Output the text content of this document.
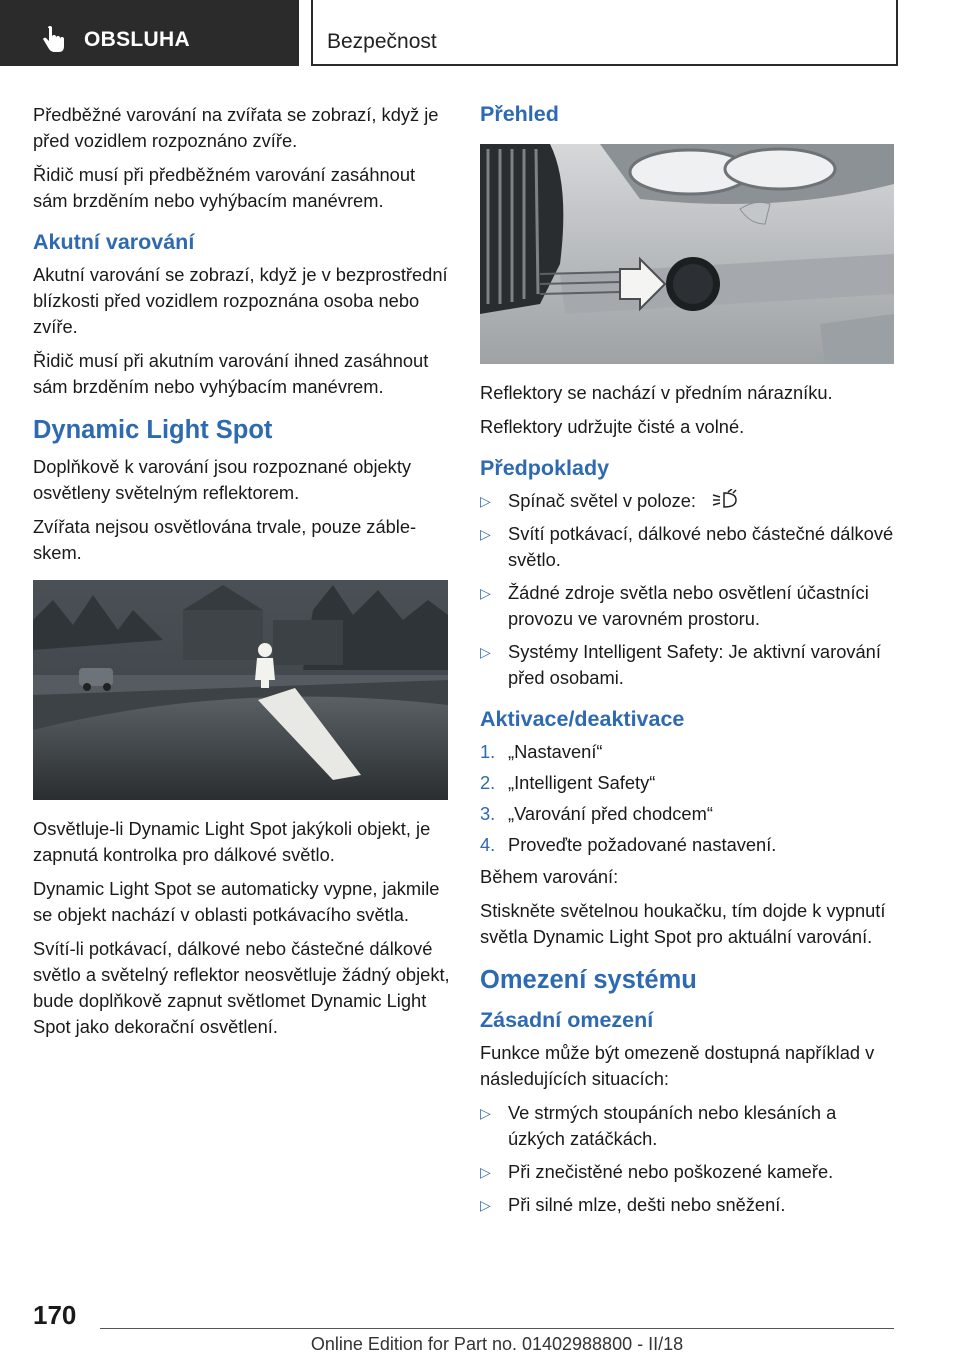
OBSLUHA	Bezpečnost

Předběžné varování na zvířata se zobrazí, když je před vozidlem rozpoznáno zvíře.

Řidič musí při předběžném varování zasáhnout sám brzděním nebo vyhýbacím manévrem.

Akutní varování

Akutní varování se zobrazí, když je v bezprostřední blízkosti před vozidlem rozpoznána osoba nebo zvíře.

Řidič musí při akutním varování ihned zasáhnout sám brzděním nebo vyhýbacím manévrem.

Dynamic Light Spot

Doplňkově k varování jsou rozpoznané objekty osvětleny světelným reflektorem.

Zvířata nejsou osvětlována trvale, pouze zábleskem.

Osvětluje-li Dynamic Light Spot jakýkoli objekt, je zapnutá kontrolka pro dálkové světlo.

Dynamic Light Spot se automaticky vypne, jakmile se objekt nachází v oblasti potkávacího světla.

Svítí-li potkávací, dálkové nebo částečné dálkové světlo a světelný reflektor neosvětluje žádný objekt, bude doplňkově zapnut světlomet Dynamic Light Spot jako dekorační osvětlení.

Přehled

Reflektory se nachází v předním nárazníku.

Reflektory udržujte čisté a volné.

Předpoklady
▷ Spínač světel v poloze:
▷ Svítí potkávací, dálkové nebo částečné dálkové světlo.
▷ Žádné zdroje světla nebo osvětlení účastníci provozu ve varovném prostoru.
▷ Systémy Intelligent Safety: Je aktivní varování před osobami.
Aktivace/deaktivace
1. „Nastavení“
2. „Intelligent Safety“
3. „Varování před chodcem“
4. Proveďte požadované nastavení.

Během varování:

Stiskněte světelnou houkačku, tím dojde k vypnutí světla Dynamic Light Spot pro aktuální varování.

Omezení systému
Zásadní omezení

Funkce může být omezeně dostupná například v následujících situacích:

▷ Ve strmých stoupáních nebo klesáních a úzkých zatáčkách.
▷ Při znečistěné nebo poškozené kameře.
▷ Při silné mlze, dešti nebo sněžení.
170
Online Edition for Part no. 01402988800 - II/18
